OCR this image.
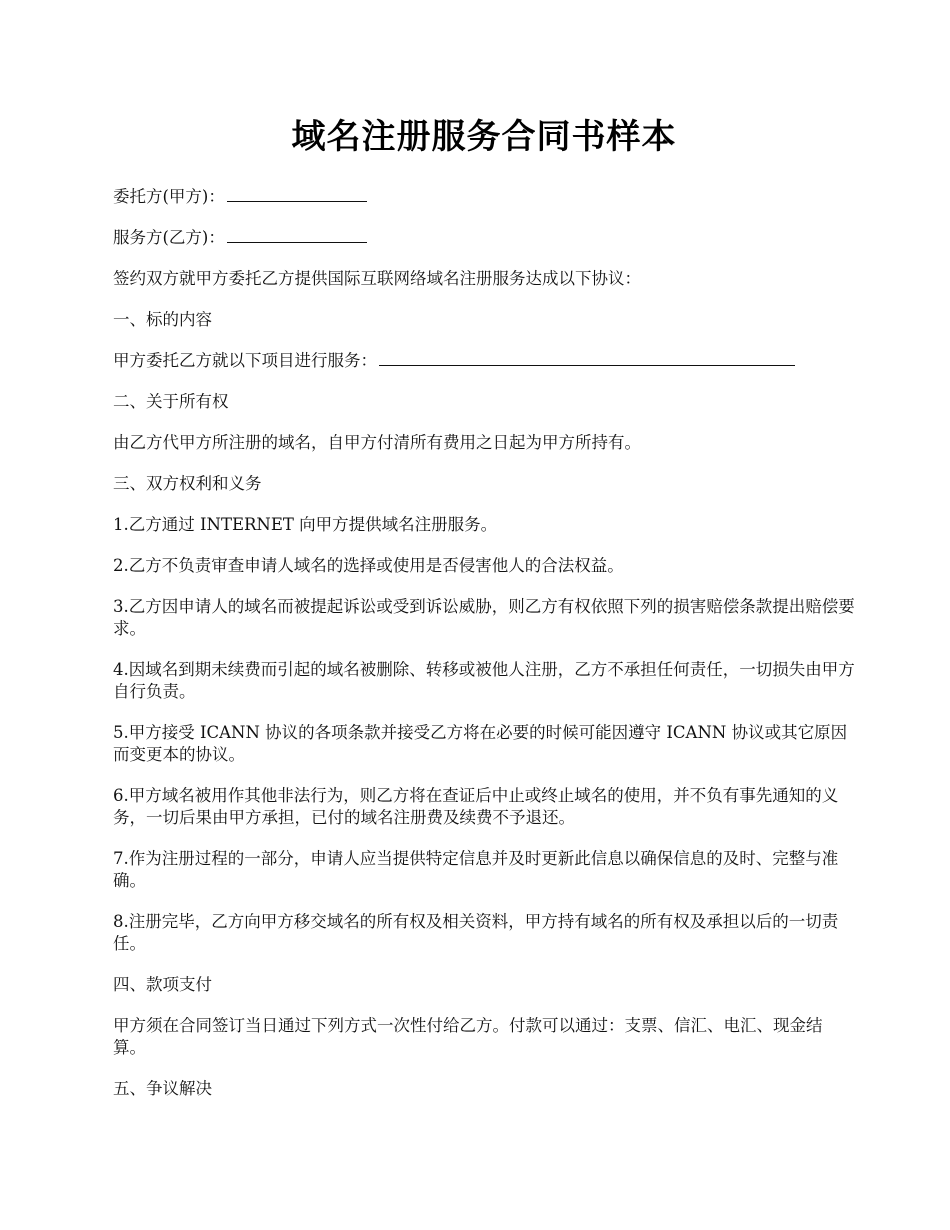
域名注册服务合同书样本

委托方(甲方)：

服务方(乙方)：

签约双方就甲方委托乙方提供国际互联网络域名注册服务达成以下协议：

一、标的内容

甲方委托乙方就以下项目进行服务：

二、关于所有权

由乙方代甲方所注册的域名，自甲方付清所有费用之日起为甲方所持有。

三、双方权利和义务

1.乙方通过 INTERNET 向甲方提供域名注册服务。

2.乙方不负责审查申请人域名的选择或使用是否侵害他人的合法权益。

3.乙方因申请人的域名而被提起诉讼或受到诉讼威胁，则乙方有权依照下列的损害赔偿条款提出赔偿要求。

4.因域名到期未续费而引起的域名被删除、转移或被他人注册，乙方不承担任何责任，一切损失由甲方自行负责。

5.甲方接受 ICANN 协议的各项条款并接受乙方将在必要的时候可能因遵守 ICANN 协议或其它原因而变更本的协议。

6.甲方域名被用作其他非法行为，则乙方将在查证后中止或终止域名的使用，并不负有事先通知的义务，一切后果由甲方承担，已付的域名注册费及续费不予退还。

7.作为注册过程的一部分，申请人应当提供特定信息并及时更新此信息以确保信息的及时、完整与准确。

8.注册完毕，乙方向甲方移交域名的所有权及相关资料，甲方持有域名的所有权及承担以后的一切责任。

四、款项支付

甲方须在合同签订当日通过下列方式一次性付给乙方。付款可以通过：支票、信汇、电汇、现金结算。

五、争议解决
